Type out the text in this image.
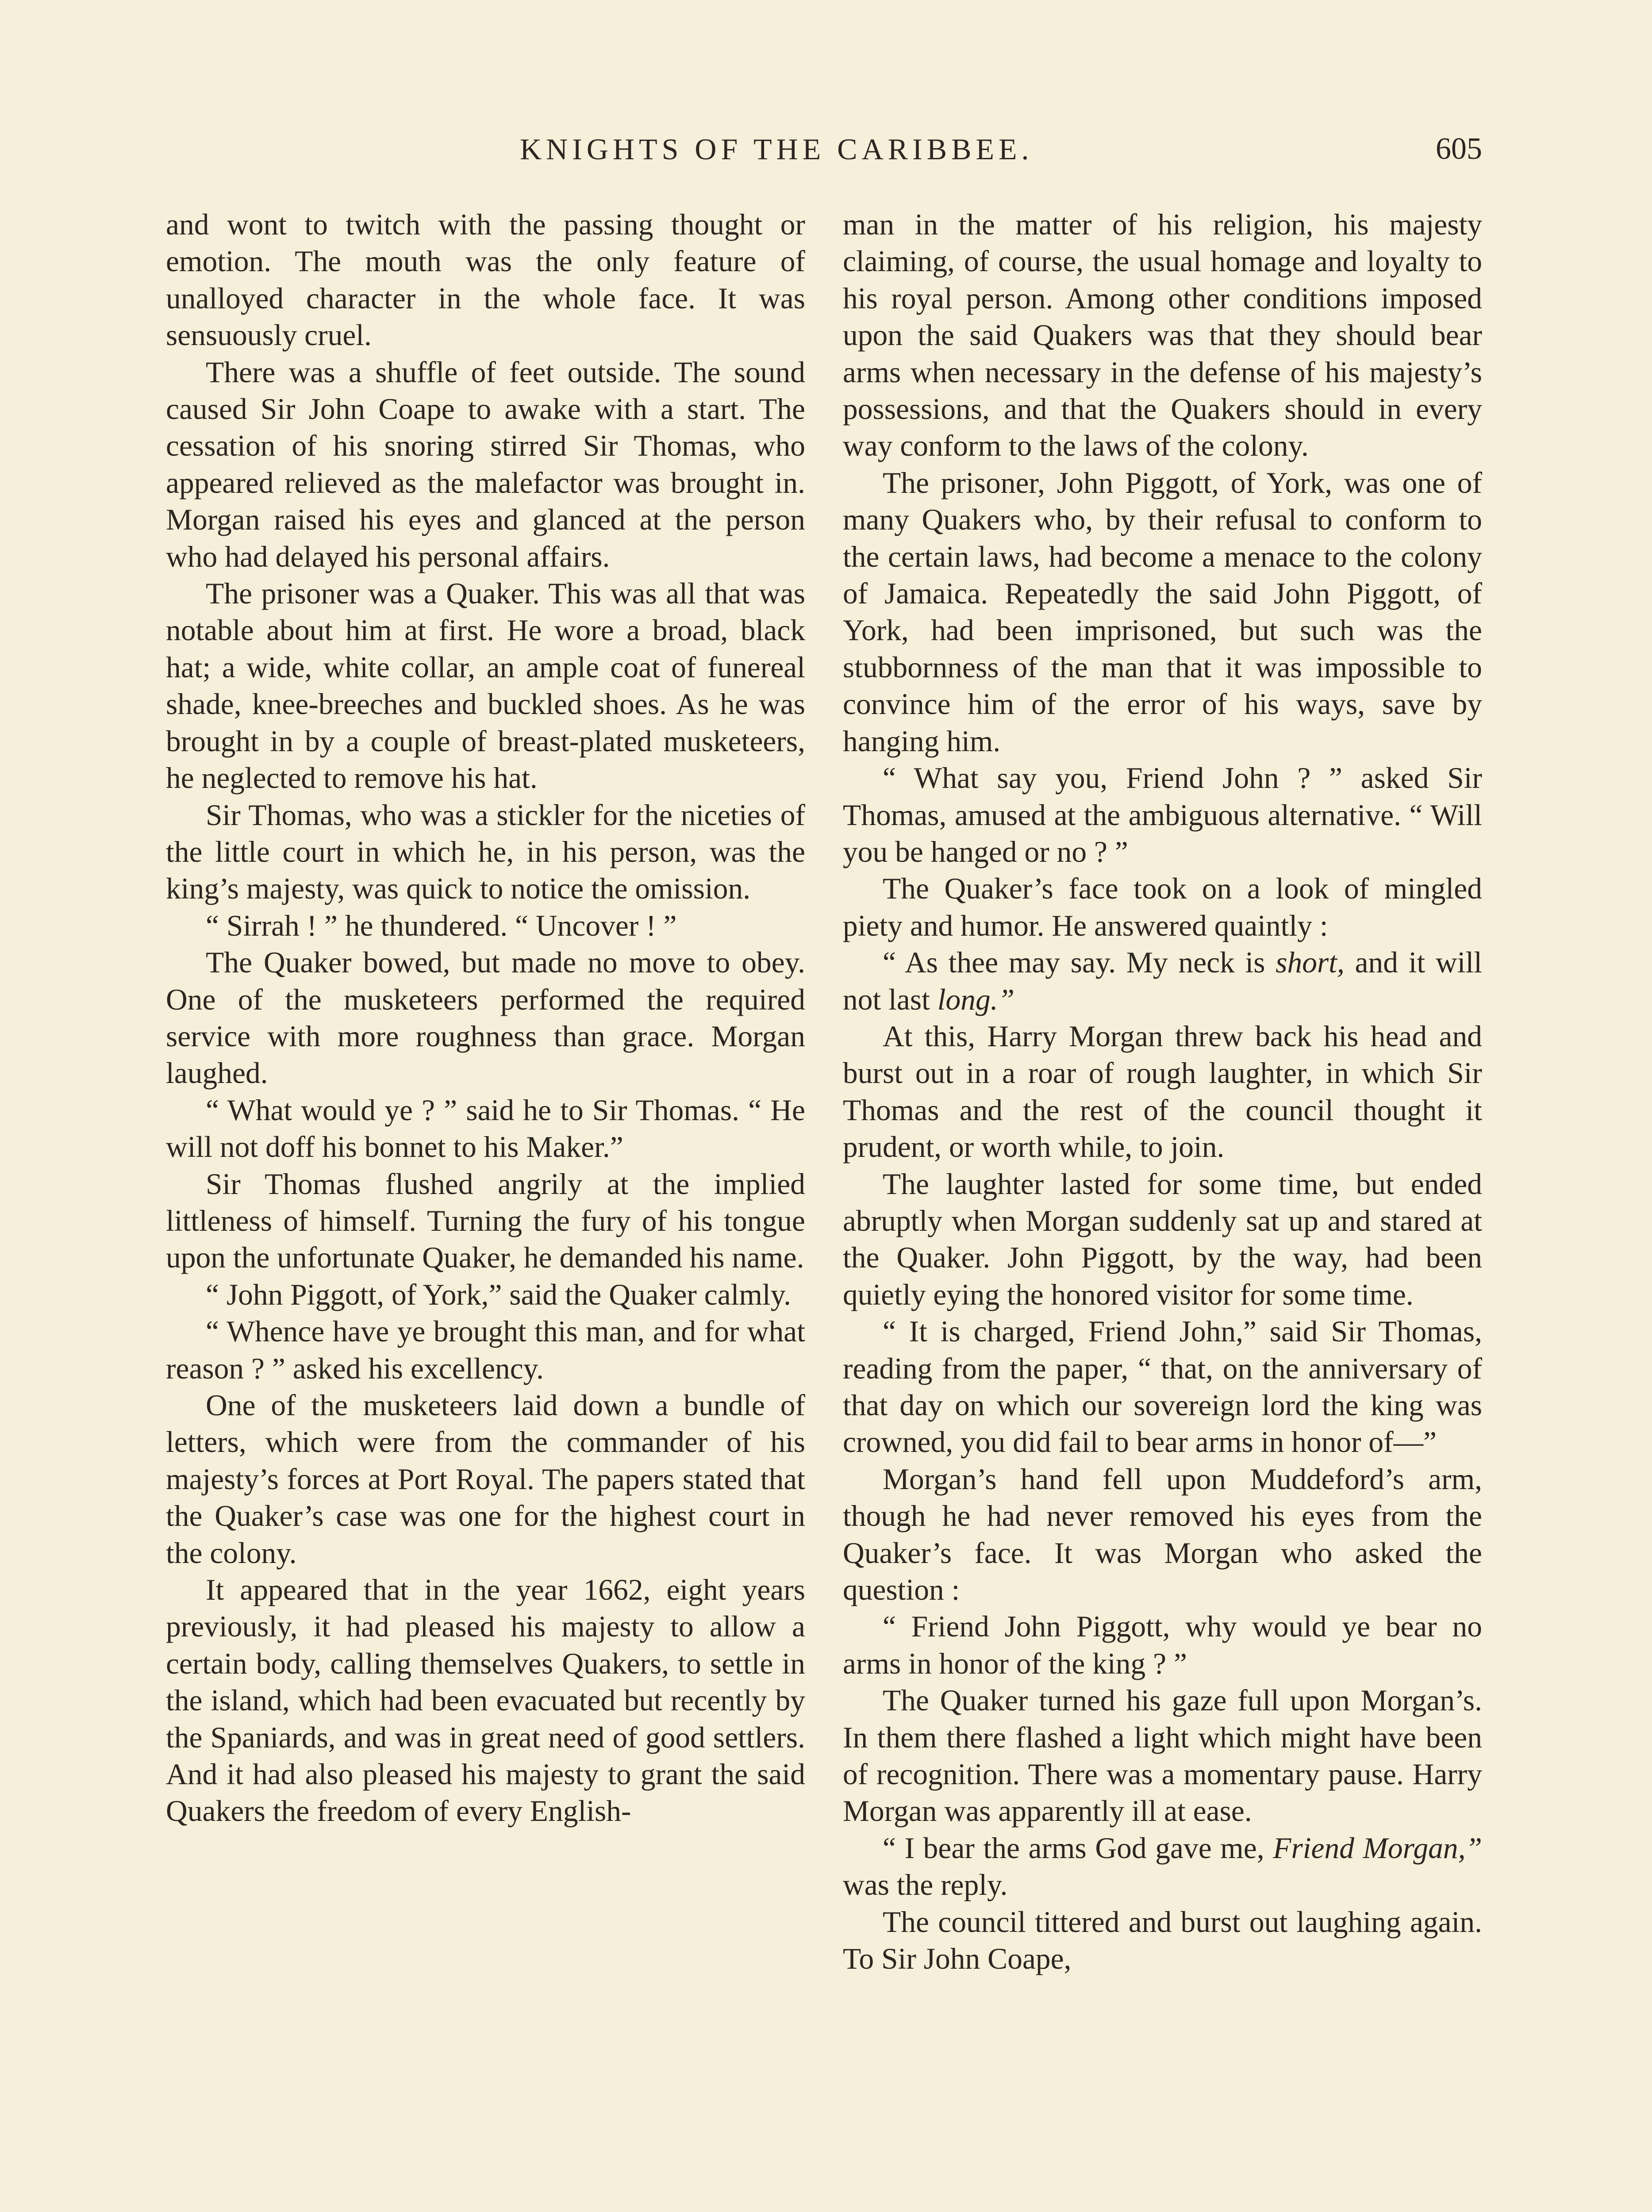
KNIGHTS OF THE CARIBBEE.	605

and wont to twitch with the passing thought or emotion. The mouth was the only feature of unalloyed character in the whole face. It was sensuously cruel.

There was a shuffle of feet outside. The sound caused Sir John Coape to awake with a start. The cessation of his snoring stirred Sir Thomas, who appeared relieved as the malefactor was brought in. Morgan raised his eyes and glanced at the person who had delayed his personal affairs.

The prisoner was a Quaker. This was all that was notable about him at first. He wore a broad, black hat; a wide, white collar, an ample coat of funereal shade, knee-breeches and buckled shoes. As he was brought in by a couple of breast-plated musketeers, he neglected to remove his hat.

Sir Thomas, who was a stickler for the niceties of the little court in which he, in his person, was the king’s majesty, was quick to notice the omission.

“ Sirrah ! ” he thundered. “ Uncover ! ”

The Quaker bowed, but made no move to obey. One of the musketeers performed the required service with more roughness than grace. Morgan laughed.

“ What would ye ? ” said he to Sir Thomas. “ He will not doff his bonnet to his Maker.”

Sir Thomas flushed angrily at the implied littleness of himself. Turning the fury of his tongue upon the unfortunate Quaker, he demanded his name.

“ John Piggott, of York,” said the Quaker calmly.

“ Whence have ye brought this man, and for what reason ? ” asked his excellency.

One of the musketeers laid down a bundle of letters, which were from the commander of his majesty’s forces at Port Royal. The papers stated that the Quaker’s case was one for the highest court in the colony.

It appeared that in the year 1662, eight years previously, it had pleased his majesty to allow a certain body, calling themselves Quakers, to settle in the island, which had been evacuated but recently by the Spaniards, and was in great need of good settlers. And it had also pleased his majesty to grant the said Quakers the freedom of every English-

man in the matter of his religion, his majesty claiming, of course, the usual homage and loyalty to his royal person. Among other conditions imposed upon the said Quakers was that they should bear arms when necessary in the defense of his majesty’s possessions, and that the Quakers should in every way conform to the laws of the colony.

The prisoner, John Piggott, of York, was one of many Quakers who, by their refusal to conform to the certain laws, had become a menace to the colony of Jamaica. Repeatedly the said John Piggott, of York, had been imprisoned, but such was the stubbornness of the man that it was impossible to convince him of the error of his ways, save by hanging him.

“ What say you, Friend John ? ” asked Sir Thomas, amused at the ambiguous alternative. “ Will you be hanged or no ? ”

The Quaker’s face took on a look of mingled piety and humor. He answered quaintly :

“ As thee may say. My neck is short, and it will not last long.”

At this, Harry Morgan threw back his head and burst out in a roar of rough laughter, in which Sir Thomas and the rest of the council thought it prudent, or worth while, to join.

The laughter lasted for some time, but ended abruptly when Morgan suddenly sat up and stared at the Quaker. John Piggott, by the way, had been quietly eying the honored visitor for some time.

“ It is charged, Friend John,” said Sir Thomas, reading from the paper, “ that, on the anniversary of that day on which our sovereign lord the king was crowned, you did fail to bear arms in honor of—”

Morgan’s hand fell upon Muddeford’s arm, though he had never removed his eyes from the Quaker’s face. It was Morgan who asked the question :

“ Friend John Piggott, why would ye bear no arms in honor of the king ? ”

The Quaker turned his gaze full upon Morgan’s. In them there flashed a light which might have been of recognition. There was a momentary pause. Harry Morgan was apparently ill at ease.

“ I bear the arms God gave me, Friend Morgan,” was the reply.

The council tittered and burst out laughing again. To Sir John Coape,
